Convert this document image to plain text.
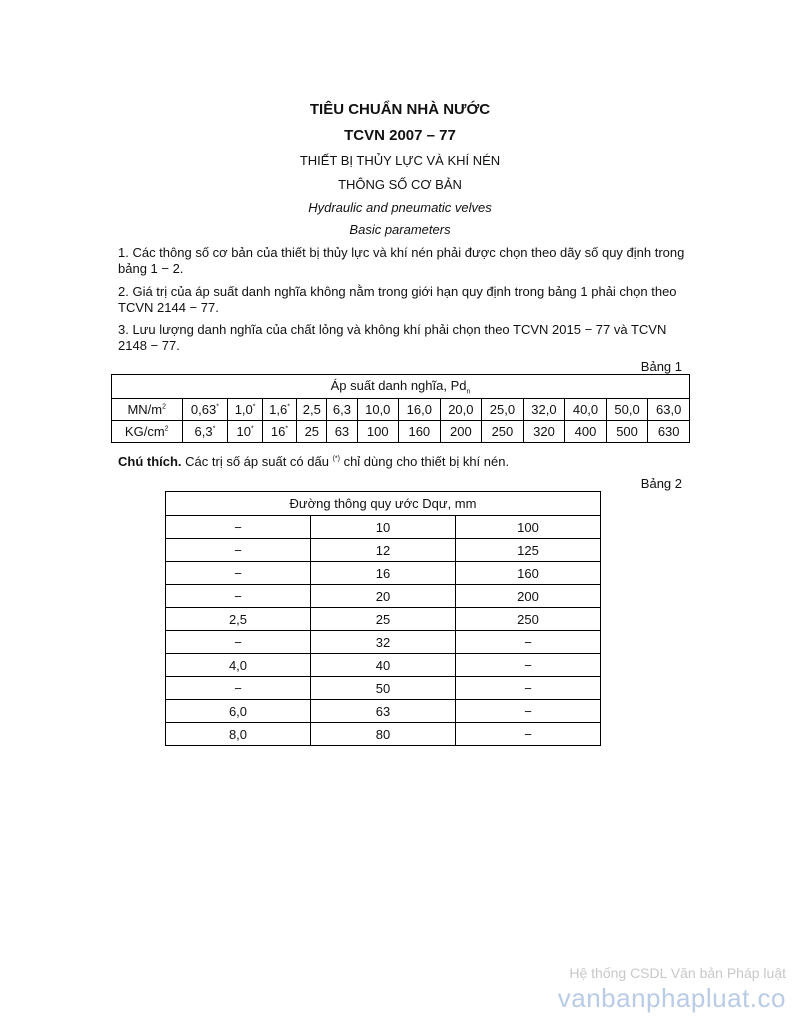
TIÊU CHUẨN NHÀ NƯỚC
TCVN 2007 – 77
THIẾT BỊ THỦY LỰC VÀ KHÍ NÉN
THÔNG SỐ CƠ BẢN
Hydraulic and pneumatic velves
Basic parameters
1. Các thông số cơ bản của thiết bị thủy lực và khí nén phải được chọn theo dãy số quy định trong bảng 1 − 2.
2. Giá trị của áp suất danh nghĩa không nằm trong giới hạn quy định trong bảng 1 phải chọn theo TCVN 2144 − 77.
3. Lưu lượng danh nghĩa của chất lỏng và không khí phải chọn theo TCVN 2015 − 77 và TCVN 2148 − 77.
Bảng 1
Áp suất danh nghĩa, $Pd_n$
$MN/m^2$	0,63*	1,0*	1,6*	2,5	6,3	10,0	16,0	20,0	25,0	32,0	40,0	50,0	63,0
$KG/cm^2$	6,3*	10*	16*	25	63	100	160	200	250	320	400	500	630
Chú thích. Các trị số áp suất có dấu (*) chỉ dùng cho thiết bị khí nén.
Bảng 2
Đường thông quy ước Dqư, mm		
−	10	100
−	12	125
−	16	160
−	20	200
2,5	25	250
−	32	−
4,0	40	−
−	50	−
6,0	63	−
8,0	80	−
Hệ thống CSDL Văn bản Pháp luật
vanbanphapluat.co
